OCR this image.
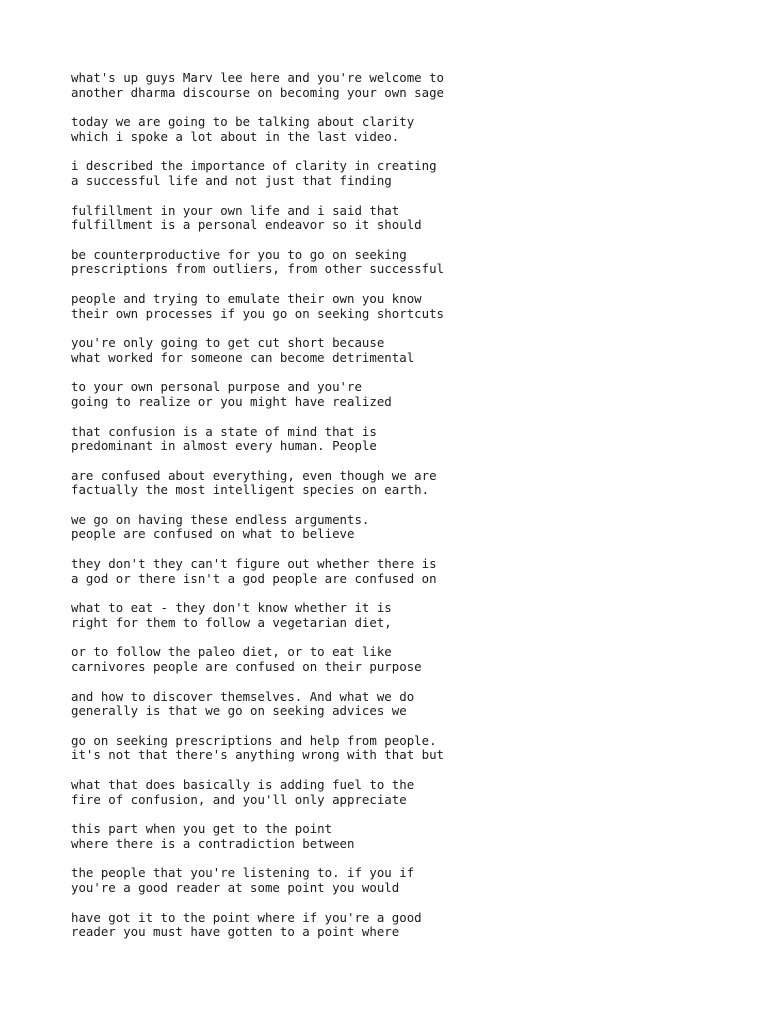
what's up guys Marv lee here and you're welcome to
another dharma discourse on becoming your own sage
today we are going to be talking about clarity
which i spoke a lot about in the last video.
i described the importance of clarity in creating
a successful life and not just that finding
fulfillment in your own life and i said that
fulfillment is a personal endeavor so it should
be counterproductive for you to go on seeking
prescriptions from outliers, from other successful
people and trying to emulate their own you know
their own processes if you go on seeking shortcuts
you're only going to get cut short because
what worked for someone can become detrimental
to your own personal purpose and you're
going to realize or you might have realized
that confusion is a state of mind that is
predominant in almost every human. People
are confused about everything, even though we are
factually the most intelligent species on earth.
we go on having these endless arguments.
people are confused on what to believe
they don't they can't figure out whether there is
a god or there isn't a god people are confused on
what to eat - they don't know whether it is
right for them to follow a vegetarian diet,
or to follow the paleo diet, or to eat like
carnivores people are confused on their purpose
and how to discover themselves. And what we do
generally is that we go on seeking advices we
go on seeking prescriptions and help from people.
it's not that there's anything wrong with that but
what that does basically is adding fuel to the
fire of confusion, and you'll only appreciate
this part when you get to the point
where there is a contradiction between
the people that you're listening to. if you if
you're a good reader at some point you would
have got it to the point where if you're a good
reader you must have gotten to a point where
